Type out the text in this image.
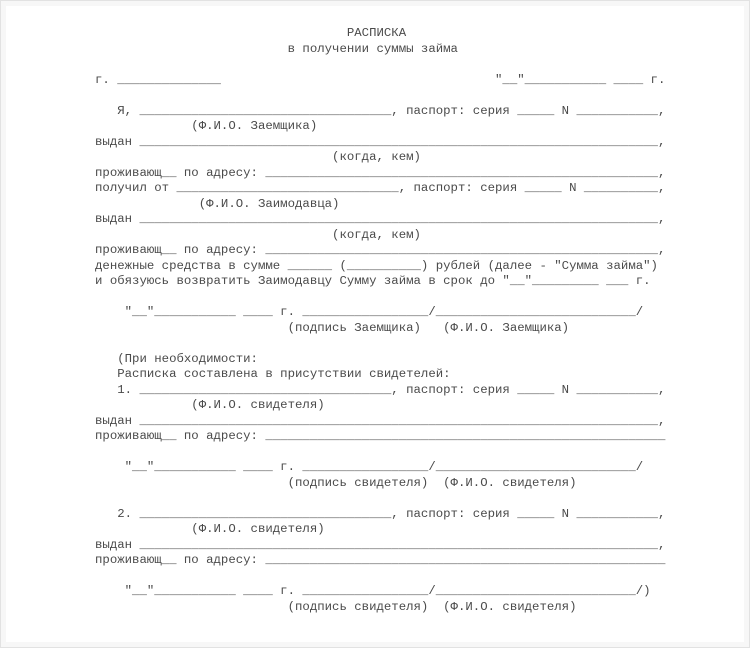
РАСПИСКА
в получении суммы займа
г. ______________                                     "__"___________ ____ г.
Я, __________________________________, паспорт: серия _____ N ___________,
(Ф.И.О. Заемщика)
выдан ______________________________________________________________________,
(когда, кем)
проживающ__ по адресу: _____________________________________________________,
получил от ______________________________, паспорт: серия _____ N __________,
(Ф.И.О. Заимодавца)
выдан ______________________________________________________________________,
(когда, кем)
проживающ__ по адресу: _____________________________________________________,
денежные средства в сумме ______ (__________) рублей (далее - "Сумма займа")
и обязуюсь возвратить Заимодавцу Сумму займа в срок до "__"_________ ___ г.
"__"___________ ____ г. _________________/___________________________/
(подпись Заемщика)   (Ф.И.О. Заемщика)
(При необходимости:
Расписка составлена в присутствии свидетелей:
1. __________________________________, паспорт: серия _____ N ___________,
(Ф.И.О. свидетеля)
выдан ______________________________________________________________________,
проживающ__ по адресу: ______________________________________________________
"__"___________ ____ г. _________________/___________________________/
(подпись свидетеля)  (Ф.И.О. свидетеля)
2. __________________________________, паспорт: серия _____ N ___________,
(Ф.И.О. свидетеля)
выдан ______________________________________________________________________,
проживающ__ по адресу: ______________________________________________________
"__"___________ ____ г. _________________/___________________________/)
(подпись свидетеля)  (Ф.И.О. свидетеля)
